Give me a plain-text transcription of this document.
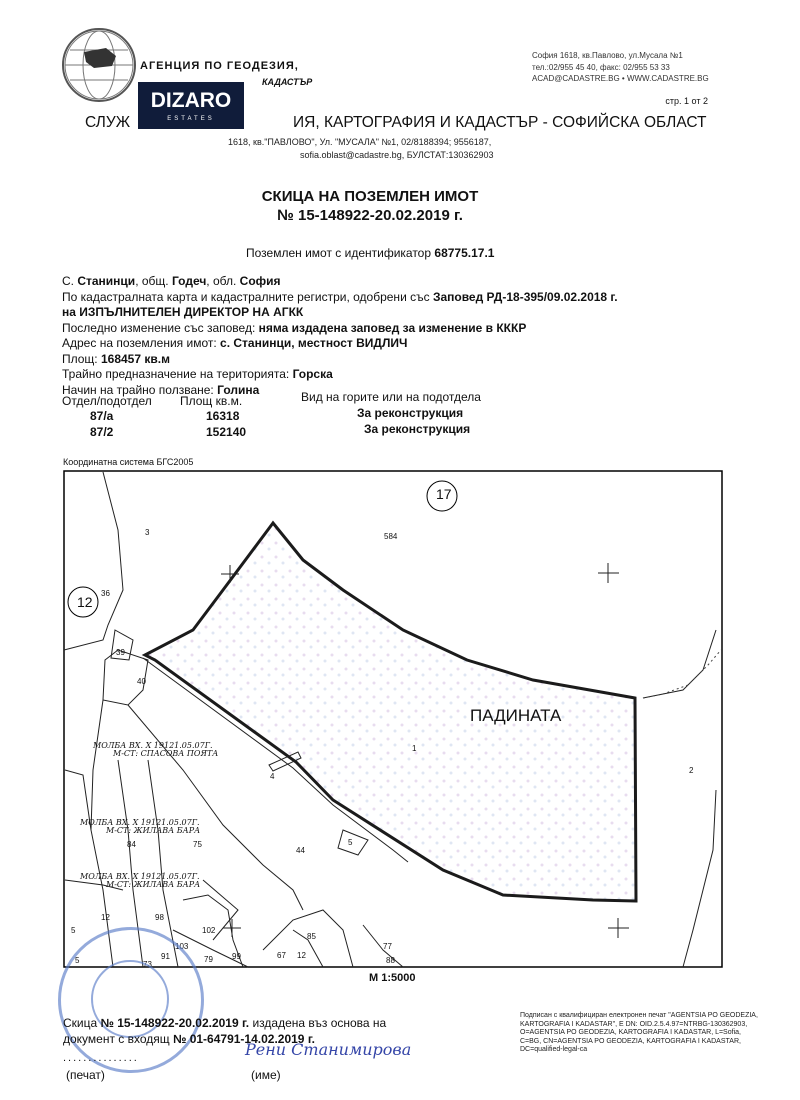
АГЕНЦИЯ ПО ГЕОДЕЗИЯ,
КАДАСТЪР
София 1618, кв.Павлово, ул.Мусала №1
тел.:02/955 45 40, факс: 02/955 53 33
ACAD@CADASTRE.BG • WWW.CADASTRE.BG
DIZARO
ESTATES
стр. 1 от 2
СЛУЖ	ИЯ, КАРТОГРАФИЯ И КАДАСТЪР - СОФИЙСКА ОБЛАСТ
1618, кв."ПАВЛОВО", Ул. "МУСАЛА" №1, 02/8188394; 9556187,
sofia.oblast@cadastre.bg, БУЛСТАТ:130362903
СКИЦА НА ПОЗЕМЛЕН ИМОТ
№ 15-148922-20.02.2019 г.
Поземлен имот с идентификатор 68775.17.1
С. Станинци, общ. Годеч, обл. София
По кадастралната карта и кадастралните регистри, одобрени със Заповед РД-18-395/09.02.2018 г.
на ИЗПЪЛНИТЕЛЕН ДИРЕКТОР НА АГКК
Последно изменение със заповед: няма издадена заповед за изменение в КККР
Адрес на поземления имот: с. Станинци, местност ВИДЛИЧ
Площ: 168457 кв.м
Трайно предназначение на територията: Горска
Начин на трайно ползване: Голина
Отдел/подотдел Площ кв.м.	Вид на горите или на подотдела
87/а	16318	За реконструкция
87/2	152140	За реконструкция
Координатна система БГС2005
17
12
3	584
36
39
40
1
2
4
5
44
84	75
12	98
99
102
103
79
73
91
85
77
88
67 12
5
5
ПАДИНАТА
МОЛБА ВХ. Х 19121.05.07Г.
М-СТ: СПАСОВА ПОЯТА
МОЛБА ВХ. Х 19121.05.07Г.
М-СТ: ЖИЛАВА БАРА
МОЛБА ВХ. Х 19121.05.07Г.
М-СТ: ЖИЛАВА БАРА
М 1:5000
Подписан с квалифициран електронен печат "AGENTSIA PO GEODEZIA, KARTOGRAFIA I KADASTAR", E DN: OID.2.5.4.97=NTRBG-130362903, O=AGENTSIA PO GEODEZIA, KARTOGRAFIA I KADASTAR, L=Sofia, C=BG, CN=AGENTSIA PO GEODEZIA, KARTOGRAFIA I KADASTAR, DC=qualified-legal-ca
Скица № 15-148922-20.02.2019 г. издадена въз основа на
документ с входящ № 01-64791-14.02.2019 г.
...............
(печат)	(име)
Рени Станимирова
